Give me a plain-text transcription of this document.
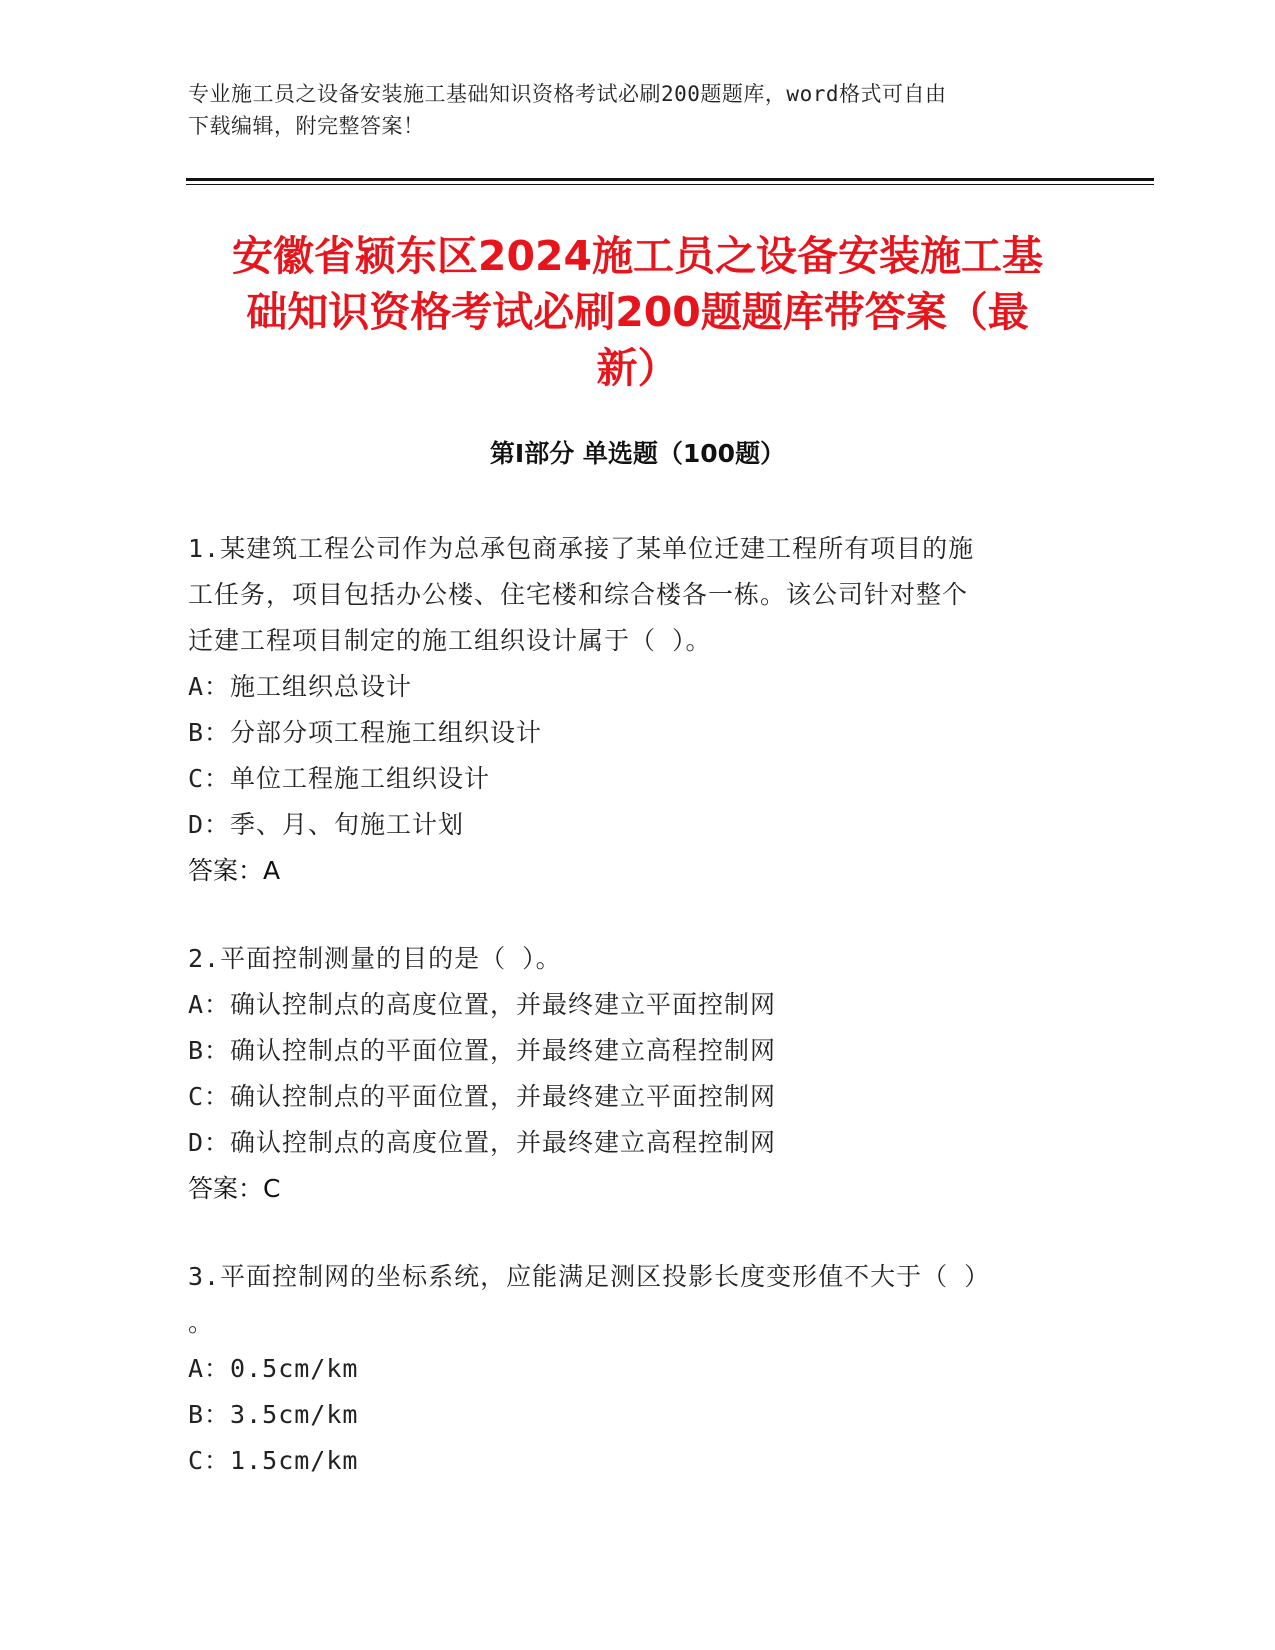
专业施工员之设备安装施工基础知识资格考试必刷200题题库，word格式可自由
下载编辑，附完整答案！
安徽省颍东区2024施工员之设备安装施工基
础知识资格考试必刷200题题库带答案（最
新）
第Ⅰ部分 单选题（100题）
1.某建筑工程公司作为总承包商承接了某单位迁建工程所有项目的施
工任务，项目包括办公楼、住宅楼和综合楼各一栋。该公司针对整个
迁建工程项目制定的施工组织设计属于（ ）。
A：施工组织总设计
B：分部分项工程施工组织设计
C：单位工程施工组织设计
D：季、月、旬施工计划
答案：A
2.平面控制测量的目的是（ ）。
A：确认控制点的高度位置，并最终建立平面控制网
B：确认控制点的平面位置，并最终建立高程控制网
C：确认控制点的平面位置，并最终建立平面控制网
D：确认控制点的高度位置，并最终建立高程控制网
答案：C
3.平面控制网的坐标系统，应能满足测区投影长度变形值不大于（ ）
。
A：0.5cm/km
B：3.5cm/km
C：1.5cm/km
